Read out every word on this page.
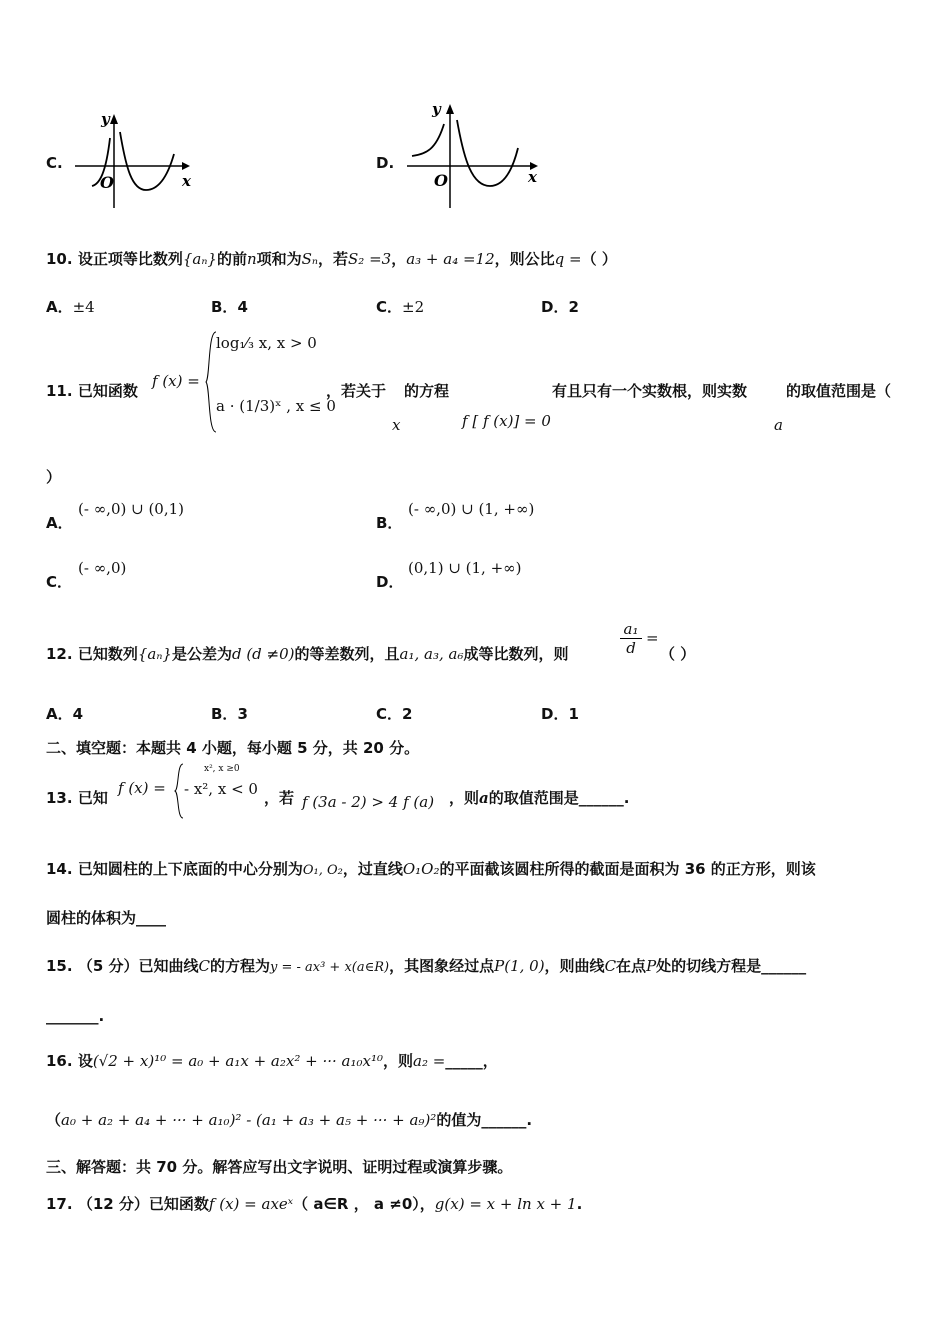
C.
y
x
O
D.
y
x
O
10. 设正项等比数列{aₙ}的前n项和为Sₙ，若S₂ =3，a₃ + a₄ =12，则公比q =（ ）
A．±4	B．4	C．±2	D．2
11. 已知函数
f (x) =
log₁⁄₃ x, x > 0
a · (1/3)ˣ , x ≤ 0
，若关于
x
的方程
f [ f (x)] = 0
有且只有一个实数根，则实数
a
的取值范围是（
）
A．
(- ∞,0) ∪ (0,1)
B．
(- ∞,0) ∪ (1, +∞)
C．
(- ∞,0)
D．
(0,1) ∪ (1, +∞)
12. 已知数列{aₙ}是公差为d (d ≠0)的等差数列，且a₁, a₃, a₆成等比数列，则
a₁
d
=
（ ）
A．4	B．3	C．2	D．1
二、填空题：本题共 4 小题，每小题 5 分，共 20 分。
13. 已知
f (x) =
x², x ≥0
- x², x < 0 ，若 f (3a - 2) > 4 f (a) ，则a的取值范围是______.
14. 已知圆柱的上下底面的中心分别为O₁, O₂，过直线O₁O₂的平面截该圆柱所得的截面是面积为 36 的正方形，则该
圆柱的体积为____
15. （5 分）已知曲线C的方程为y = - ax³ + x(a∈R)，其图象经过点P(1, 0)，则曲线C在点P处的切线方程是______
_______.
16. 设(√2 + x)¹⁰ = a₀ + a₁x + a₂x² + ··· a₁₀x¹⁰，则a₂ =_____，
（a₀ + a₂ + a₄ + ··· + a₁₀)² - (a₁ + a₃ + a₅ + ··· + a₉)²的值为______.
三、解答题：共 70 分。解答应写出文字说明、证明过程或演算步骤。
17. （12 分）已知函数f (x) = axeˣ（ a∈R ， a ≠0），g(x) = x + ln x + 1.
